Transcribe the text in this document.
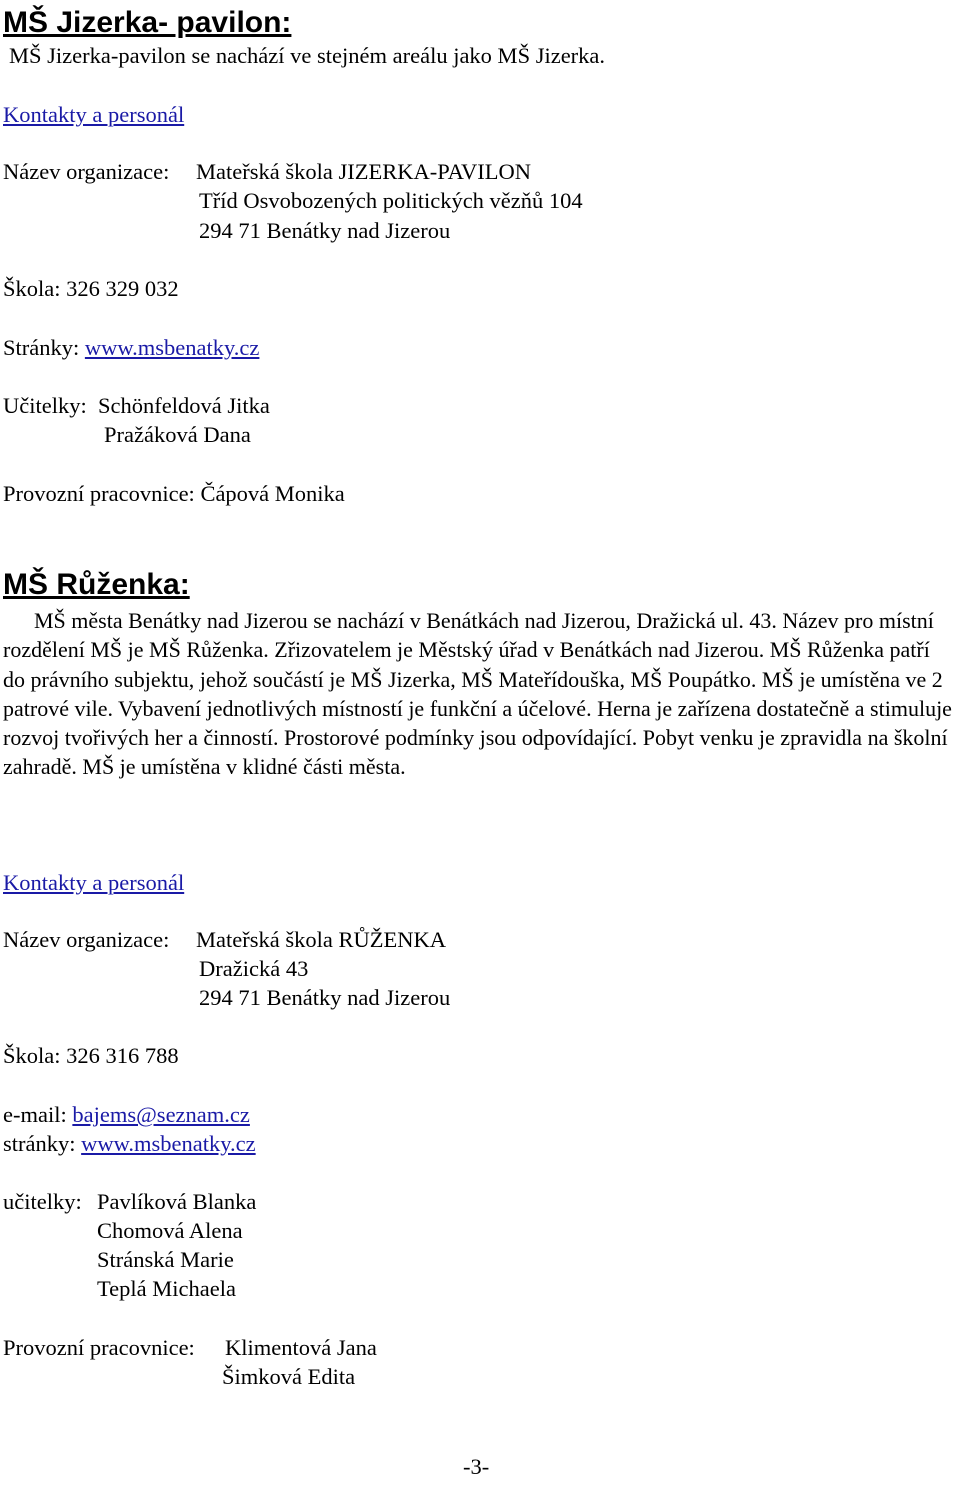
MŠ Jizerka- pavilon:
MŠ Jizerka-pavilon se nachází ve stejném areálu jako MŠ Jizerka.
Kontakty a personál
Název organizace: Mateřská škola JIZERKA-PAVILON
Tříd Osvobozených politických vězňů 104
294 71 Benátky nad Jizerou
Škola: 326 329 032
Stránky: www.msbenatky.cz
Učitelky: Schönfeldová Jitka
Pražáková Dana
Provozní pracovnice: Čápová Monika
MŠ Růženka:
MŠ města Benátky nad Jizerou se nachází v Benátkách nad Jizerou, Dražická ul. 43. Název pro místní rozdělení MŠ je MŠ Růženka. Zřizovatelem je Městský úřad v Benátkách nad Jizerou. MŠ Růženka patří do právního subjektu, jehož součástí je MŠ Jizerka, MŠ Mateřídouška, MŠ Poupátko. MŠ je umístěna ve 2 patrové vile. Vybavení jednotlivých místností je funkční a účelové. Herna je zařízena dostatečně a stimuluje rozvoj tvořivých her a činností. Prostorové podmínky jsou odpovídající. Pobyt venku je zpravidla na školní zahradě. MŠ je umístěna v klidné části města.
Kontakty a personál
Název organizace: Mateřská škola RŮŽENKA
Dražická 43
294 71 Benátky nad Jizerou
Škola: 326 316 788
e-mail: bajems@seznam.cz
stránky: www.msbenatky.cz
učitelky: Pavlíková Blanka
Chomová Alena
Stránská Marie
Teplá Michaela
Provozní pracovnice: Klimentová Jana
Šimková Edita
-3-
